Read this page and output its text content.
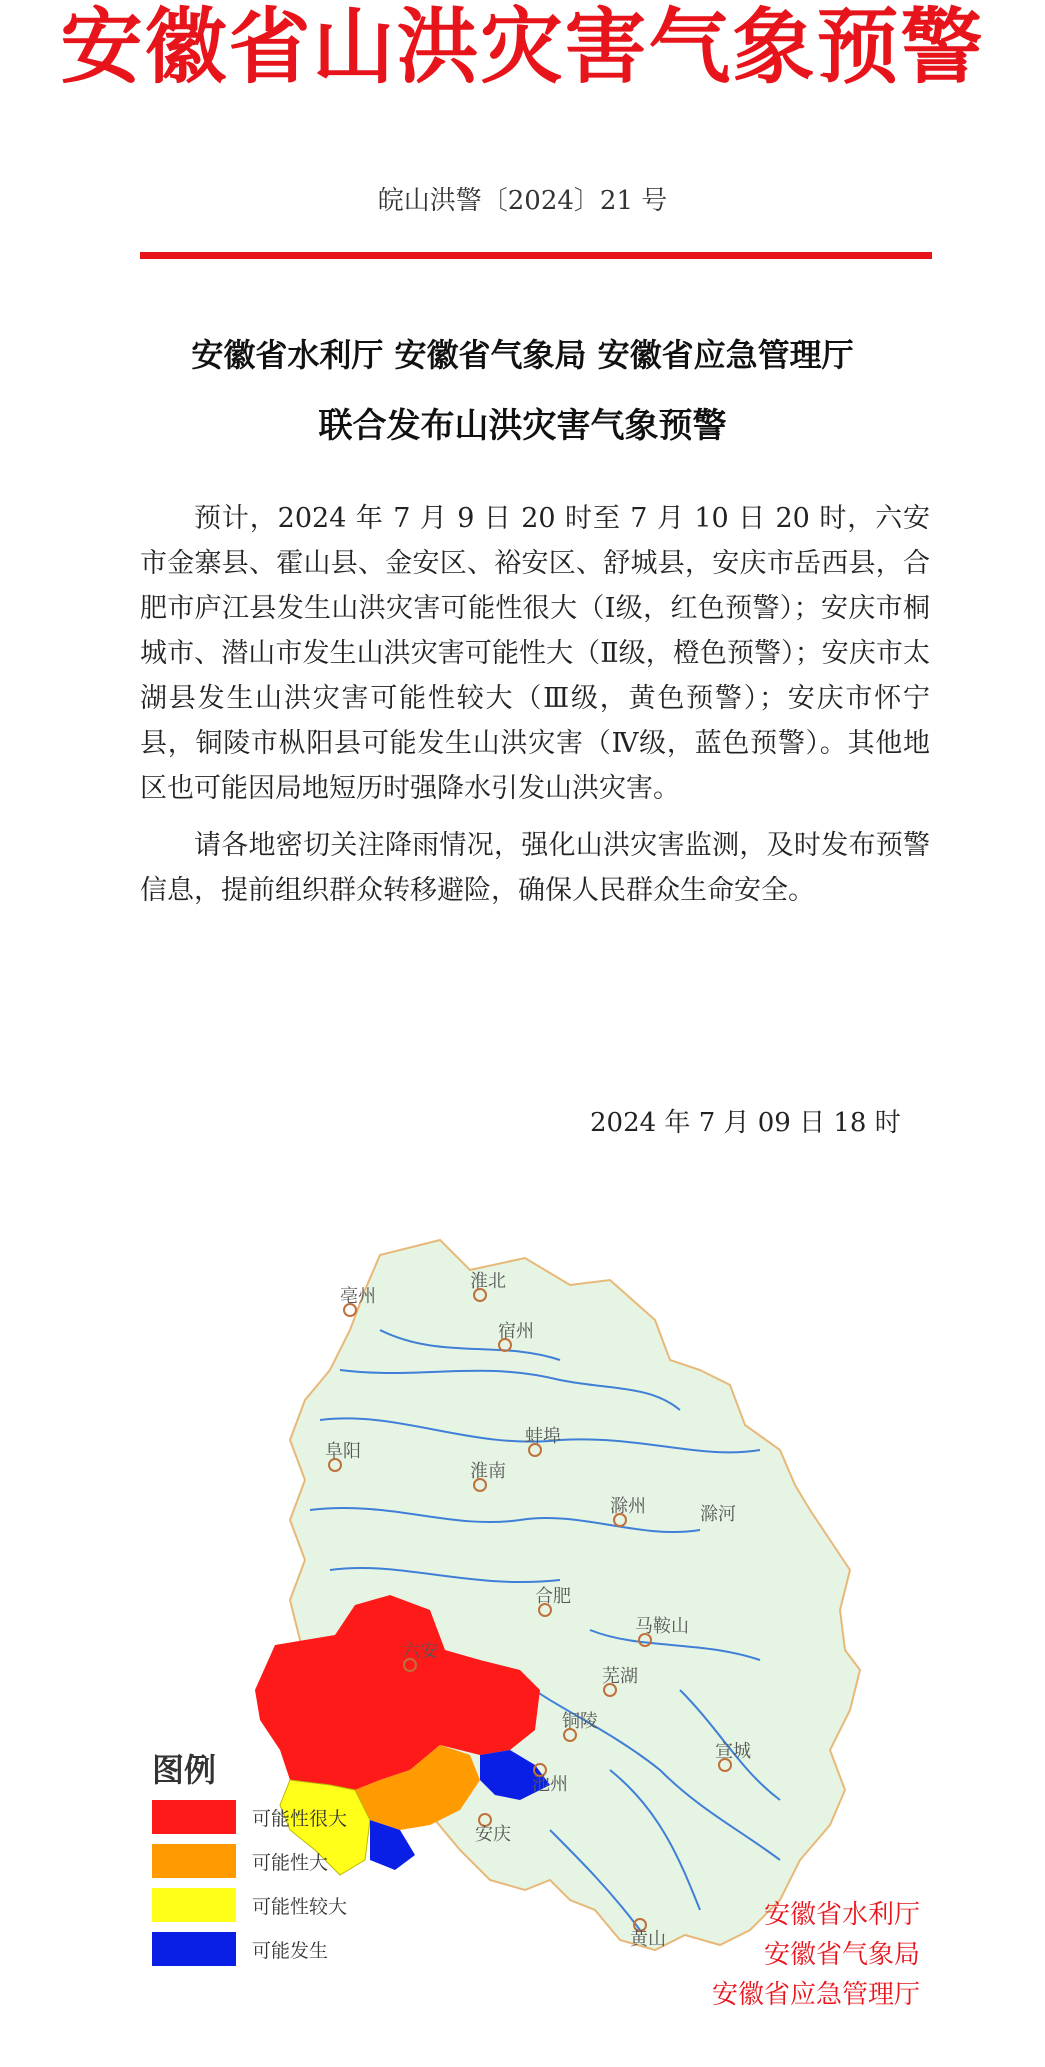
安徽省山洪灾害气象预警
皖山洪警〔2024〕21 号
安徽省水利厅 安徽省气象局 安徽省应急管理厅
联合发布山洪灾害气象预警

预计，2024 年 7 月 9 日 20 时至 7 月 10 日 20 时，六安市金寨县、霍山县、金安区、裕安区、舒城县，安庆市岳西县，合肥市庐江县发生山洪灾害可能性很大（Ⅰ级，红色预警）；安庆市桐城市、潜山市发生山洪灾害可能性大（Ⅱ级，橙色预警）；安庆市太湖县发生山洪灾害可能性较大（Ⅲ级，黄色预警）；安庆市怀宁县，铜陵市枞阳县可能发生山洪灾害（Ⅳ级，蓝色预警）。其他地区也可能因局地短历时强降水引发山洪灾害。

请各地密切关注降雨情况，强化山洪灾害监测，及时发布预警信息，提前组织群众转移避险，确保人民群众生命安全。

2024 年 7 月 09 日 18 时
亳州
淮北
宿州
阜阳
蚌埠
淮南
滁州
六安
合肥
芜湖
马鞍山
宣城
铜陵
池州
安庆
黄山
滁河
图例
可能性很大
可能性大
可能性较大
可能发生
安徽省水利厅
安徽省气象局
安徽省应急管理厅
